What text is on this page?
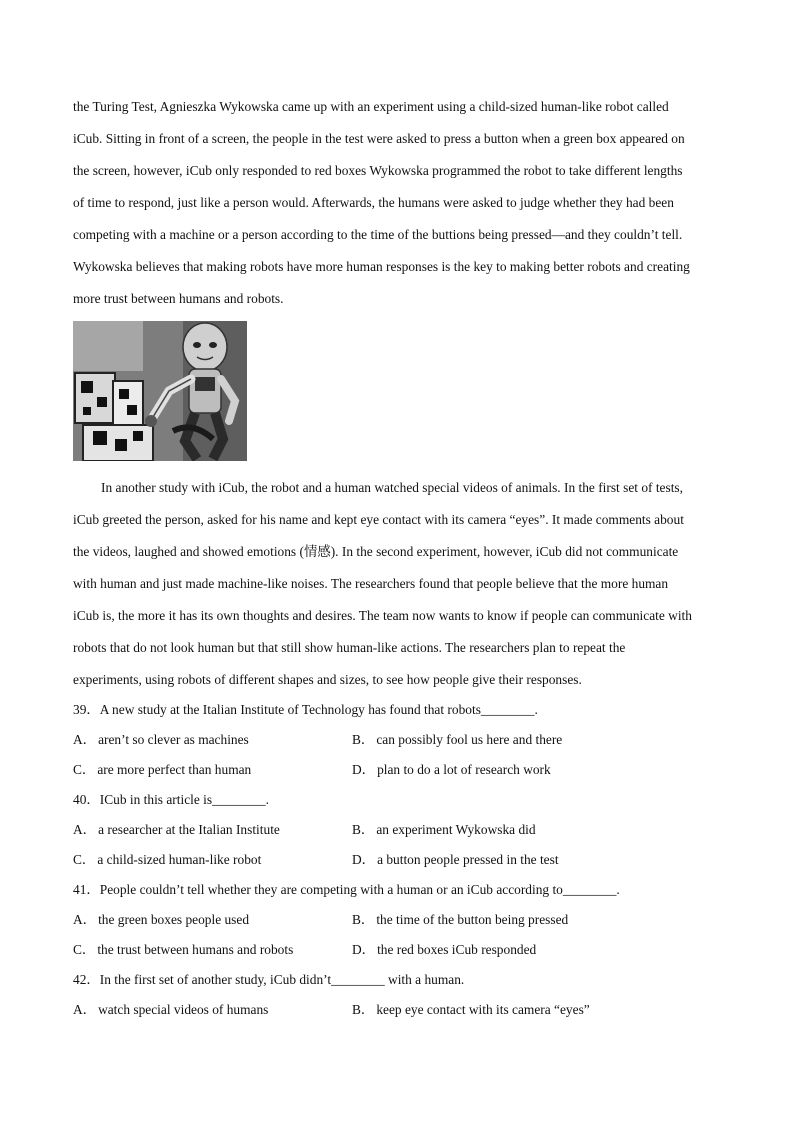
the Turing Test, Agnieszka Wykowska came up with an experiment using a child-sized human-like robot called

iCub. Sitting in front of a screen, the people in the test were asked to press a button when a green box appeared on

the screen, however, iCub only responded to red boxes Wykowska programmed the robot to take different lengths

of time to respond, just like a person would. Afterwards, the humans were asked to judge whether they had been

competing with a machine or a person according to the time of the buttions being pressed—and they couldn’t tell.

Wykowska believes that making robots have more human responses is the key to making better robots and creating

more trust between humans and robots.

In another study with iCub, the robot and a human watched special videos of animals. In the first set of tests,

iCub greeted the person, asked for his name and kept eye contact with its camera “eyes”. It made comments about

the videos, laughed and showed emotions (情感). In the second experiment, however, iCub did not communicate

with human and just made machine-like noises. The researchers found that people believe that the more human

iCub is, the more it has its own thoughts and desires. The team now wants to know if people can communicate with

robots that do not look human but that still show human-like actions. The researchers plan to repeat the

experiments, using robots of different shapes and sizes, to see how people give their responses.

39．A new study at the Italian Institute of Technology has found that robots________.
A． aren’t so clever as machines	B． can possibly fool us here and there
C． are more perfect than human	D． plan to do a lot of research work
40．ICub in this article is________.
A． a researcher at the Italian Institute	B． an experiment Wykowska did
C． a child-sized human-like robot	D． a button people pressed in the test
41．People couldn’t tell whether they are competing with a human or an iCub according to________.
A． the green boxes people used	B． the time of the button being pressed
C． the trust between humans and robots	D． the red boxes iCub responded
42．In the first set of another study, iCub didn’t________ with a human.
A． watch special videos of humans	B． keep eye contact with its camera “eyes”
